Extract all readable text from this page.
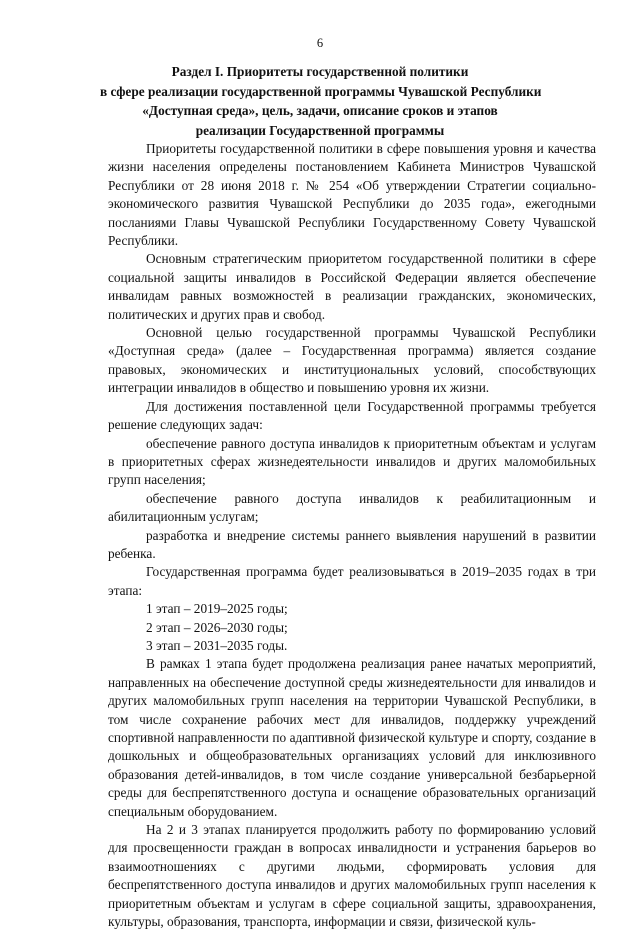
6
Раздел I. Приоритеты государственной политики
в сфере реализации государственной программы Чувашской Республики
«Доступная среда», цель, задачи, описание сроков и этапов
реализации Государственной программы

Приоритеты государственной политики в сфере повышения уровня и качества жизни населения определены постановлением Кабинета Министров Чувашской Республики от 28 июня 2018 г. № 254 «Об утверждении Стратегии социально-экономического развития Чувашской Республики до 2035 года», ежегодными посланиями Главы Чувашской Республики Государственному Совету Чувашской Республики.

Основным стратегическим приоритетом государственной политики в сфере социальной защиты инвалидов в Российской Федерации является обеспечение инвалидам равных возможностей в реализации гражданских, экономических, политических и других прав и свобод.

Основной целью государственной программы Чувашской Республики «Доступная среда» (далее – Государственная программа) является создание правовых, экономических и институциональных условий, способствующих интеграции инвалидов в общество и повышению уровня их жизни.

Для достижения поставленной цели Государственной программы требуется решение следующих задач:

обеспечение равного доступа инвалидов к приоритетным объектам и услугам в приоритетных сферах жизнедеятельности инвалидов и других маломобильных групп населения;

обеспечение равного доступа инвалидов к реабилитационным и абилитационным услугам;

разработка и внедрение системы раннего выявления нарушений в развитии ребенка.

Государственная программа будет реализовываться в 2019–2035 годах в три этапа:

1 этап – 2019–2025 годы;

2 этап – 2026–2030 годы;

3 этап – 2031–2035 годы.

В рамках 1 этапа будет продолжена реализация ранее начатых мероприятий, направленных на обеспечение доступной среды жизнедеятельности для инвалидов и других маломобильных групп населения на территории Чувашской Республики, в том числе сохранение рабочих мест для инвалидов, поддержку учреждений спортивной направленности по адаптивной физической культуре и спорту, создание в дошкольных и общеобразовательных организациях условий для инклюзивного образования детей-инвалидов, в том числе создание универсальной безбарьерной среды для беспрепятственного доступа и оснащение образовательных организаций специальным оборудованием.

На 2 и 3 этапах планируется продолжить работу по формированию условий для просвещенности граждан в вопросах инвалидности и устранения барьеров во взаимоотношениях с другими людьми, сформировать условия для беспрепятственного доступа инвалидов и других маломобильных групп населения к приоритетным объектам и услугам в сфере социальной защиты, здравоохранения, культуры, образования, транспорта, информации и связи, физической куль-
